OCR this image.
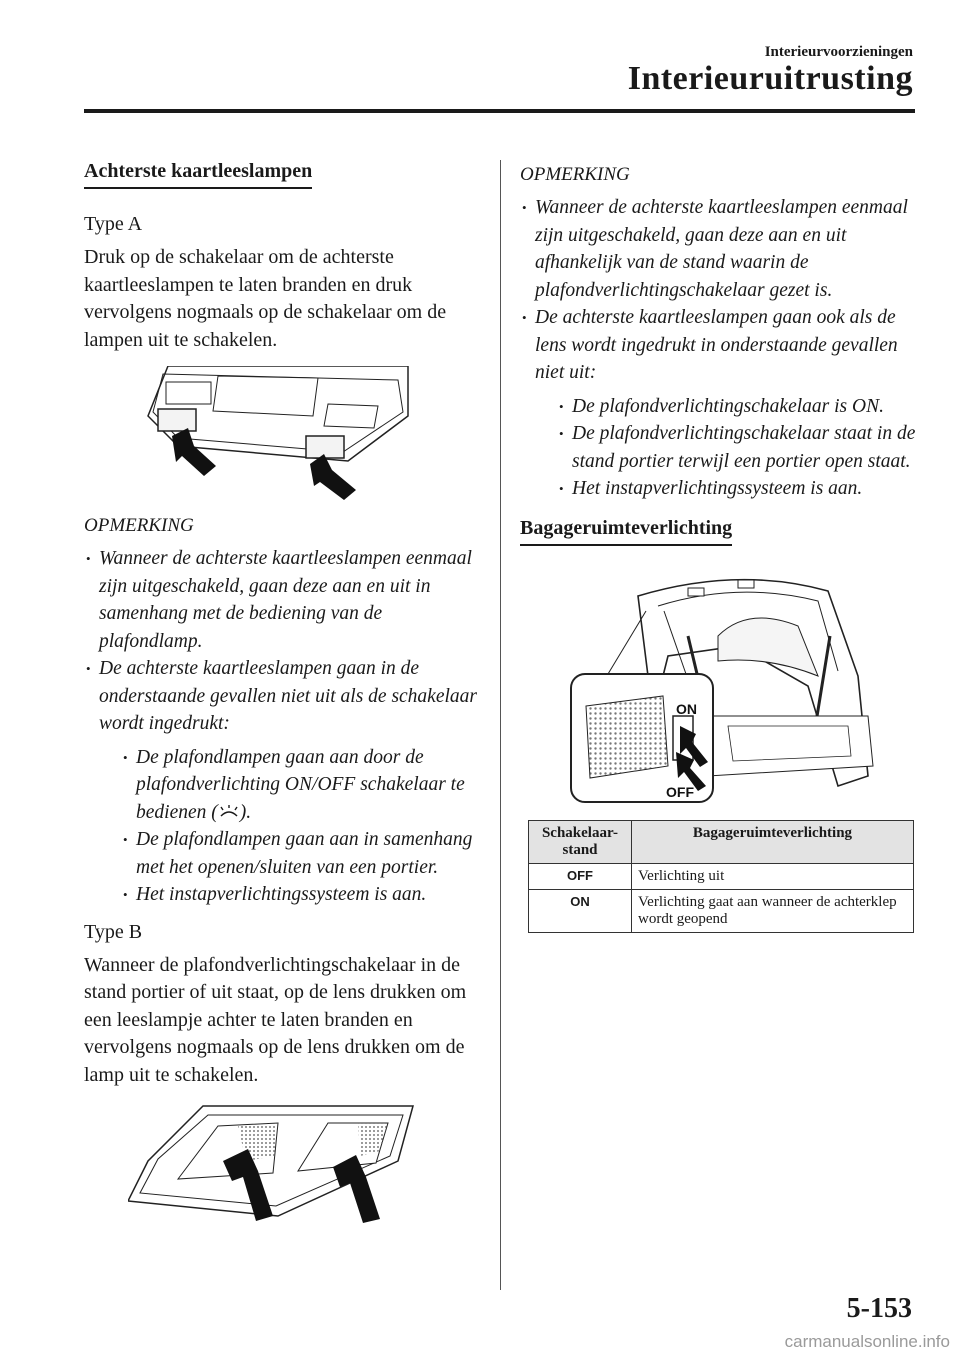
Interieurvoorzieningen
Interieuruitrusting
Achterste kaartleeslampen
Type A

Druk op de schakelaar om de achterste kaartleeslampen te laten branden en druk vervolgens nogmaals op de schakelaar om de lampen uit te schakelen.

OPMERKING
• Wanneer de achterste kaartleeslampen eenmaal zijn uitgeschakeld, gaan deze aan en uit in samenhang met de bediening van de plafondlamp.
• De achterste kaartleeslampen gaan in de onderstaande gevallen niet uit als de schakelaar wordt ingedrukt:
• De plafondlampen gaan aan door de plafondverlichting ON/OFF schakelaar te bedienen ( ).
• De plafondlampen gaan aan in samenhang met het openen/sluiten van een portier.
• Het instapverlichtingssysteem is aan.
Type B

Wanneer de plafondverlichtingschakelaar in de stand portier of uit staat, op de lens drukken om een leeslampje achter te laten branden en vervolgens nogmaals op de lens drukken om de lamp uit te schakelen.

OPMERKING
• Wanneer de achterste kaartleeslampen eenmaal zijn uitgeschakeld, gaan deze aan en uit afhankelijk van de stand waarin de plafondverlichtingschakelaar gezet is.
• De achterste kaartleeslampen gaan ook als de lens wordt ingedrukt in onderstaande gevallen niet uit:
• De plafondverlichtingschakelaar is ON.
• De plafondverlichtingschakelaar staat in de stand portier terwijl een portier open staat.
• Het instapverlichtingssysteem is aan.
Bagageruimteverlichting
ON
OFF
Schakelaar-stand	Bagageruimteverlichting
OFF	Verlichting uit
ON	Verlichting gaat aan wanneer de achterklep wordt geopend
5-153
carmanualsonline.info
